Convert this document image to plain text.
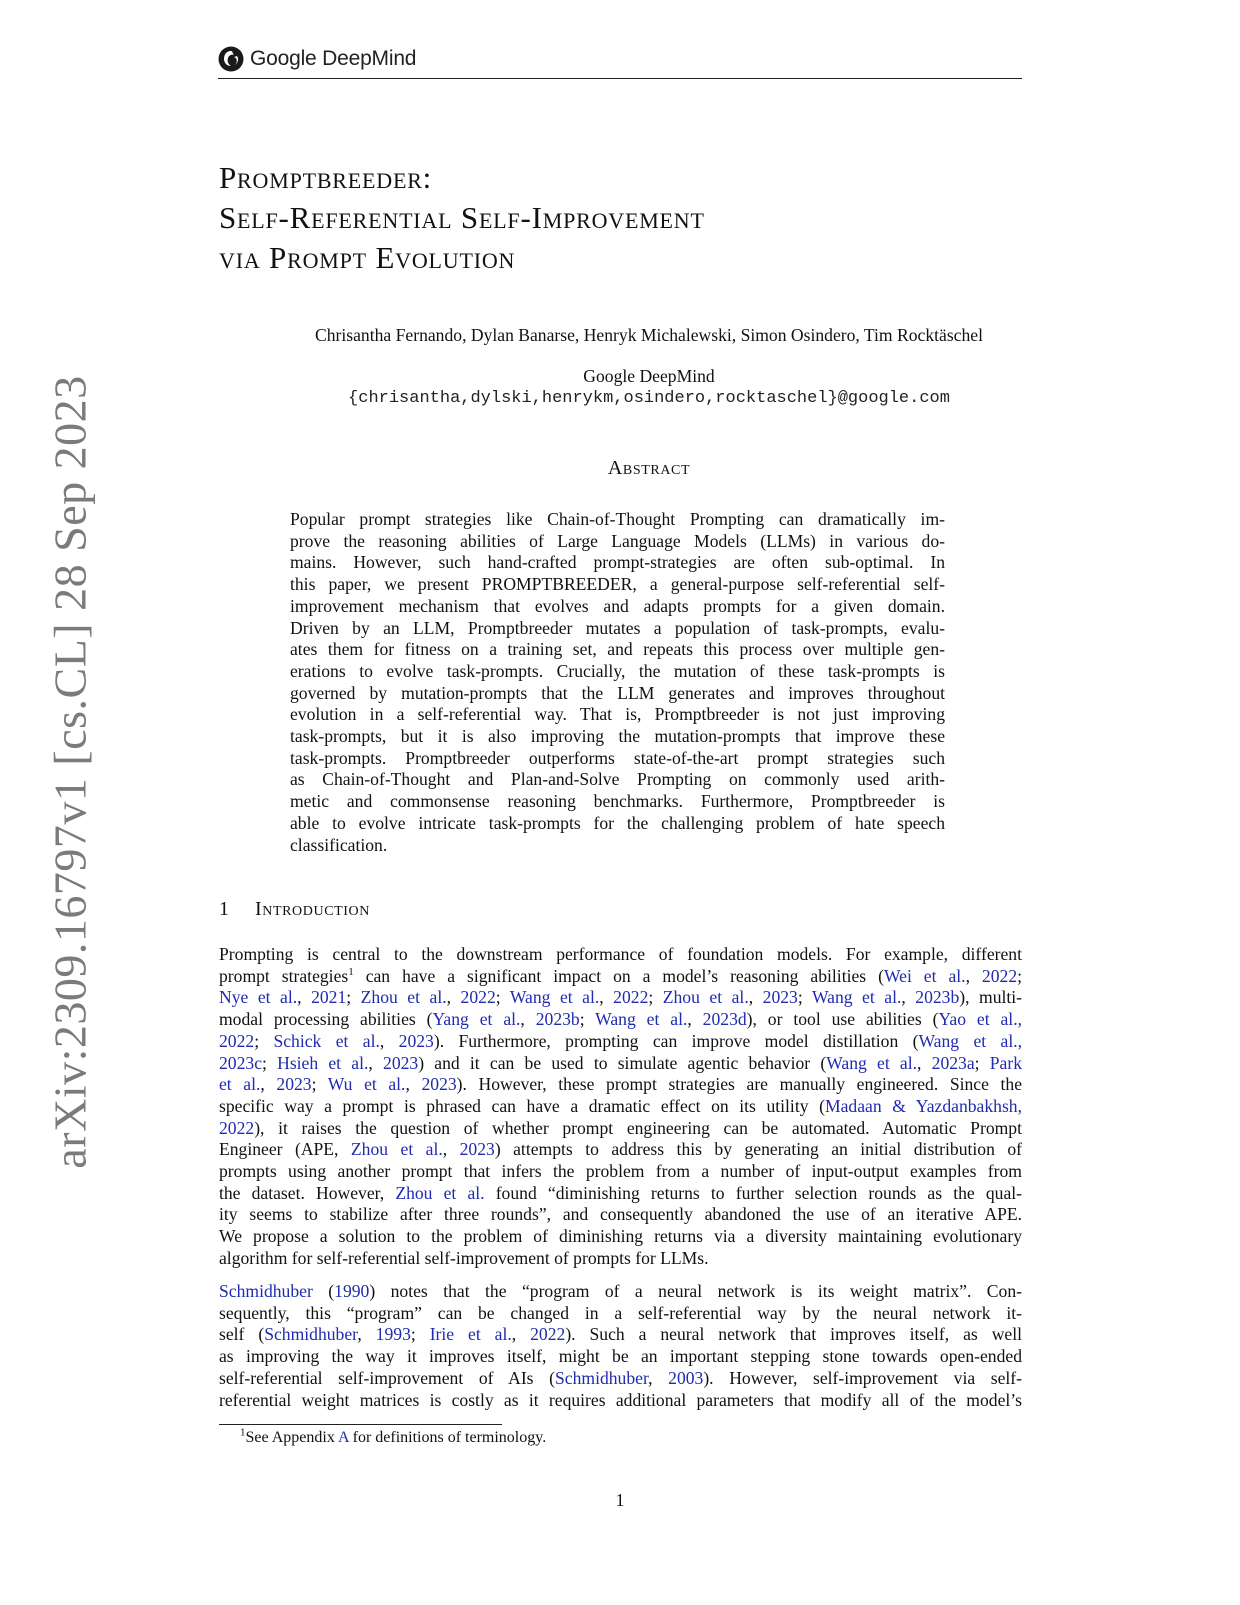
Google DeepMind
arXiv:2309.16797v1 [cs.CL] 28 Sep 2023
Promptbreeder:
Self-Referential Self-Improvement
via Prompt Evolution
Chrisantha Fernando, Dylan Banarse, Henryk Michalewski, Simon Osindero, Tim Rocktäschel
Google DeepMind
{chrisantha,dylski,henrykm,osindero,rocktaschel}@google.com
Abstract
Popular prompt strategies like Chain-of-Thought Prompting can dramatically im-
prove the reasoning abilities of Large Language Models (LLMs) in various do-
mains. However, such hand-crafted prompt-strategies are often sub-optimal. In
this paper, we present PROMPTBREEDER, a general-purpose self-referential self-
improvement mechanism that evolves and adapts prompts for a given domain.
Driven by an LLM, Promptbreeder mutates a population of task-prompts, evalu-
ates them for fitness on a training set, and repeats this process over multiple gen-
erations to evolve task-prompts. Crucially, the mutation of these task-prompts is
governed by mutation-prompts that the LLM generates and improves throughout
evolution in a self-referential way. That is, Promptbreeder is not just improving
task-prompts, but it is also improving the mutation-prompts that improve these
task-prompts. Promptbreeder outperforms state-of-the-art prompt strategies such
as Chain-of-Thought and Plan-and-Solve Prompting on commonly used arith-
metic and commonsense reasoning benchmarks. Furthermore, Promptbreeder is
able to evolve intricate task-prompts for the challenging problem of hate speech
classification.
1 Introduction
Prompting is central to the downstream performance of foundation models. For example, different
prompt strategies$^1$ can have a significant impact on a model’s reasoning abilities (Wei et al., 2022;
Nye et al., 2021; Zhou et al., 2022; Wang et al., 2022; Zhou et al., 2023; Wang et al., 2023b), multi-
modal processing abilities (Yang et al., 2023b; Wang et al., 2023d), or tool use abilities (Yao et al.,
2022; Schick et al., 2023). Furthermore, prompting can improve model distillation (Wang et al.,
2023c; Hsieh et al., 2023) and it can be used to simulate agentic behavior (Wang et al., 2023a; Park
et al., 2023; Wu et al., 2023). However, these prompt strategies are manually engineered. Since the
specific way a prompt is phrased can have a dramatic effect on its utility (Madaan & Yazdanbakhsh,
2022), it raises the question of whether prompt engineering can be automated. Automatic Prompt
Engineer (APE, Zhou et al., 2023) attempts to address this by generating an initial distribution of
prompts using another prompt that infers the problem from a number of input-output examples from
the dataset. However, Zhou et al. found “diminishing returns to further selection rounds as the qual-
ity seems to stabilize after three rounds”, and consequently abandoned the use of an iterative APE.
We propose a solution to the problem of diminishing returns via a diversity maintaining evolutionary
algorithm for self-referential self-improvement of prompts for LLMs.
Schmidhuber (1990) notes that the “program of a neural network is its weight matrix”. Con-
sequently, this “program” can be changed in a self-referential way by the neural network it-
self (Schmidhuber, 1993; Irie et al., 2022). Such a neural network that improves itself, as well
as improving the way it improves itself, might be an important stepping stone towards open-ended
self-referential self-improvement of AIs (Schmidhuber, 2003). However, self-improvement via self-
referential weight matrices is costly as it requires additional parameters that modify all of the model’s
$^1$See Appendix A for definitions of terminology.
1
